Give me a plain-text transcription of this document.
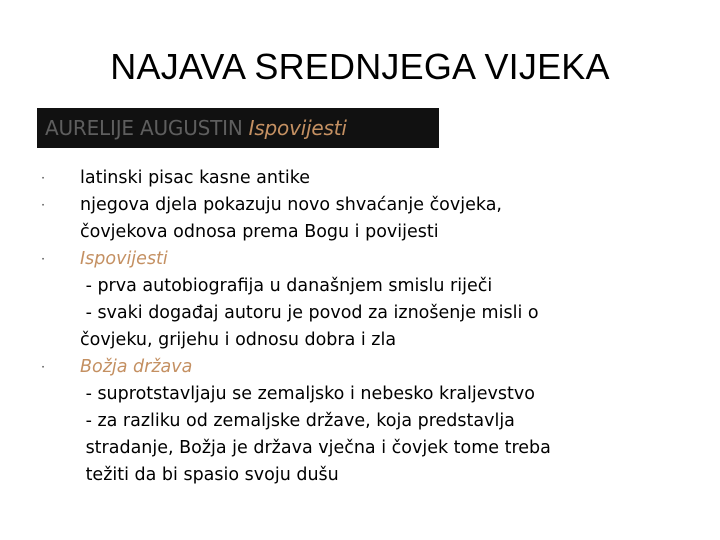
NAJAVA SREDNJEGA VIJEKA
AURELIJE AUGUSTIN Ispovijesti
· latinski pisac kasne antike
· njegova djela pokazuju novo shvaćanje čovjeka,
čovjekova odnosa prema Bogu i povijesti
· Ispovijesti
- prva autobiografija u današnjem smislu riječi
- svaki događaj autoru je povod za iznošenje misli o
čovjeku, grijehu i odnosu dobra i zla
· Božja država
- suprotstavljaju se zemaljsko i nebesko kraljevstvo
- za razliku od zemaljske države, koja predstavlja
stradanje, Božja je država vječna i čovjek tome treba
težiti da bi spasio svoju dušu
